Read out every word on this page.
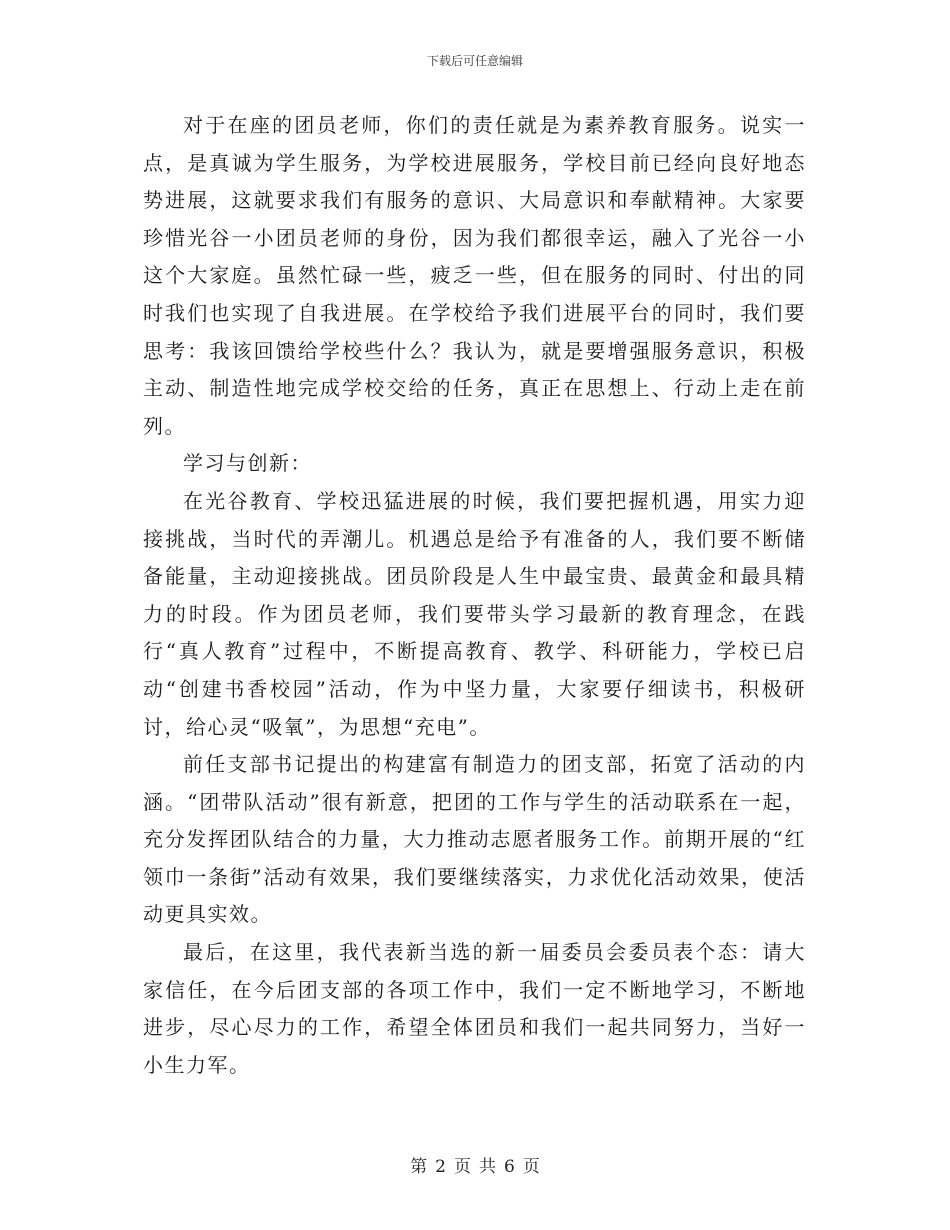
下载后可任意编辑

对于在座的团员老师，你们的责任就是为素养教育服务。说实一点，是真诚为学生服务，为学校进展服务，学校目前已经向良好地态势进展，这就要求我们有服务的意识、大局意识和奉献精神。大家要珍惜光谷一小团员老师的身份，因为我们都很幸运，融入了光谷一小这个大家庭。虽然忙碌一些，疲乏一些，但在服务的同时、付出的同时我们也实现了自我进展。在学校给予我们进展平台的同时，我们要思考：我该回馈给学校些什么？我认为，就是要增强服务意识，积极主动、制造性地完成学校交给的任务，真正在思想上、行动上走在前列。

学习与创新：

在光谷教育、学校迅猛进展的时候，我们要把握机遇，用实力迎接挑战，当时代的弄潮儿。机遇总是给予有准备的人，我们要不断储备能量，主动迎接挑战。团员阶段是人生中最宝贵、最黄金和最具精力的时段。作为团员老师，我们要带头学习最新的教育理念，在践行“真人教育”过程中，不断提高教育、教学、科研能力，学校已启动“创建书香校园”活动，作为中坚力量，大家要仔细读书，积极研讨，给心灵“吸氧”，为思想“充电”。

前任支部书记提出的构建富有制造力的团支部，拓宽了活动的内涵。“团带队活动”很有新意，把团的工作与学生的活动联系在一起，充分发挥团队结合的力量，大力推动志愿者服务工作。前期开展的“红领巾一条街”活动有效果，我们要继续落实，力求优化活动效果，使活动更具实效。

最后，在这里，我代表新当选的新一届委员会委员表个态：请大家信任，在今后团支部的各项工作中，我们一定不断地学习，不断地进步，尽心尽力的工作，希望全体团员和我们一起共同努力，当好一小生力军。

第 2 页 共 6 页
